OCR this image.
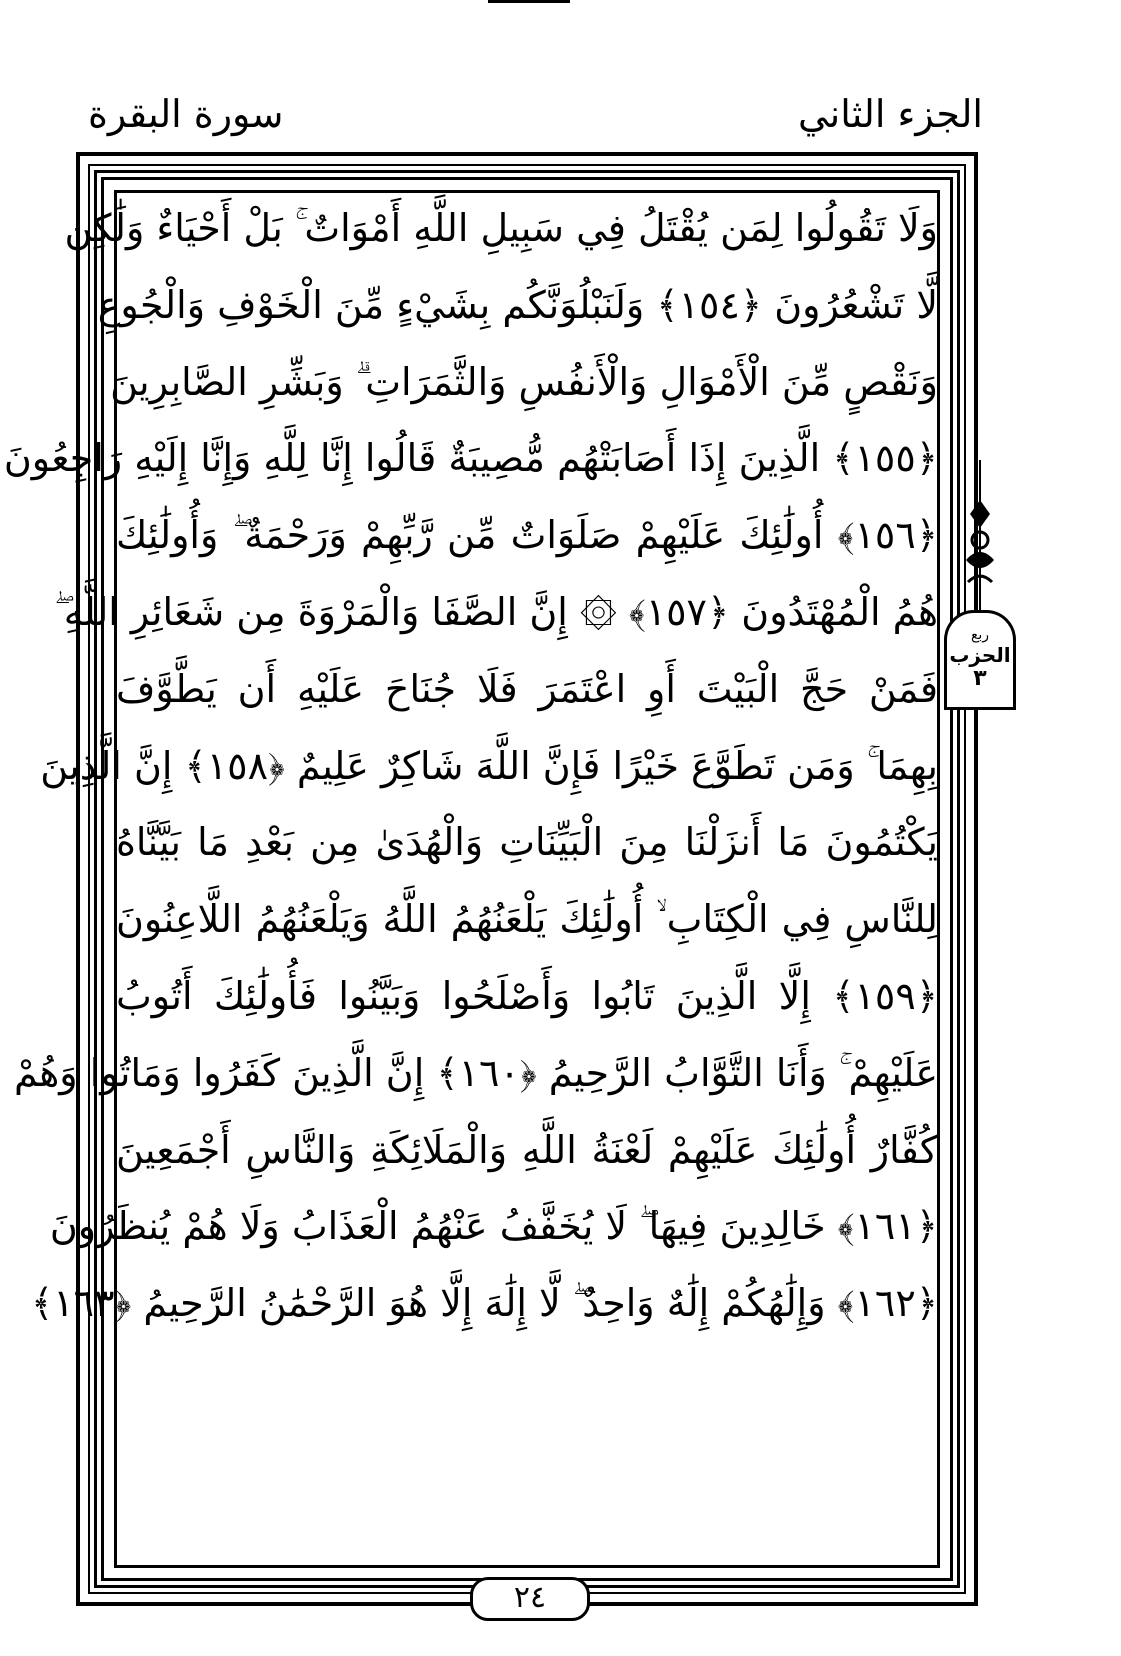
سورة البقرة	الجزء الثاني
وَلَا تَقُولُوا لِمَن يُقْتَلُ فِي سَبِيلِ اللَّهِ أَمْوَاتٌ ۚ بَلْ أَحْيَاءٌ وَلَٰكِن
لَّا تَشْعُرُونَ ﴿١٥٤﴾ وَلَنَبْلُوَنَّكُم بِشَيْءٍ مِّنَ الْخَوْفِ وَالْجُوعِ
وَنَقْصٍ مِّنَ الْأَمْوَالِ وَالْأَنفُسِ وَالثَّمَرَاتِ ۗ وَبَشِّرِ الصَّابِرِينَ
﴿١٥٥﴾ الَّذِينَ إِذَا أَصَابَتْهُم مُّصِيبَةٌ قَالُوا إِنَّا لِلَّهِ وَإِنَّا إِلَيْهِ رَاجِعُونَ
﴿١٥٦﴾ أُولَٰئِكَ عَلَيْهِمْ صَلَوَاتٌ مِّن رَّبِّهِمْ وَرَحْمَةٌ ۖ وَأُولَٰئِكَ
هُمُ الْمُهْتَدُونَ ﴿١٥٧﴾ ۞ إِنَّ الصَّفَا وَالْمَرْوَةَ مِن شَعَائِرِ اللَّهِ ۖ
فَمَنْ حَجَّ الْبَيْتَ أَوِ اعْتَمَرَ فَلَا جُنَاحَ عَلَيْهِ أَن يَطَّوَّفَ
بِهِمَا ۚ وَمَن تَطَوَّعَ خَيْرًا فَإِنَّ اللَّهَ شَاكِرٌ عَلِيمٌ ﴿١٥٨﴾ إِنَّ الَّذِينَ
يَكْتُمُونَ مَا أَنزَلْنَا مِنَ الْبَيِّنَاتِ وَالْهُدَىٰ مِن بَعْدِ مَا بَيَّنَّاهُ
لِلنَّاسِ فِي الْكِتَابِ ۙ أُولَٰئِكَ يَلْعَنُهُمُ اللَّهُ وَيَلْعَنُهُمُ اللَّاعِنُونَ
﴿١٥٩﴾ إِلَّا الَّذِينَ تَابُوا وَأَصْلَحُوا وَبَيَّنُوا فَأُولَٰئِكَ أَتُوبُ
عَلَيْهِمْ ۚ وَأَنَا التَّوَّابُ الرَّحِيمُ ﴿١٦٠﴾ إِنَّ الَّذِينَ كَفَرُوا وَمَاتُوا وَهُمْ
كُفَّارٌ أُولَٰئِكَ عَلَيْهِمْ لَعْنَةُ اللَّهِ وَالْمَلَائِكَةِ وَالنَّاسِ أَجْمَعِينَ
﴿١٦١﴾ خَالِدِينَ فِيهَا ۖ لَا يُخَفَّفُ عَنْهُمُ الْعَذَابُ وَلَا هُمْ يُنظَرُونَ
﴿١٦٢﴾ وَإِلَٰهُكُمْ إِلَٰهٌ وَاحِدٌ ۖ لَّا إِلَٰهَ إِلَّا هُوَ الرَّحْمَٰنُ الرَّحِيمُ ﴿١٦٣﴾
٢٤
ربع
الحزب
٣
